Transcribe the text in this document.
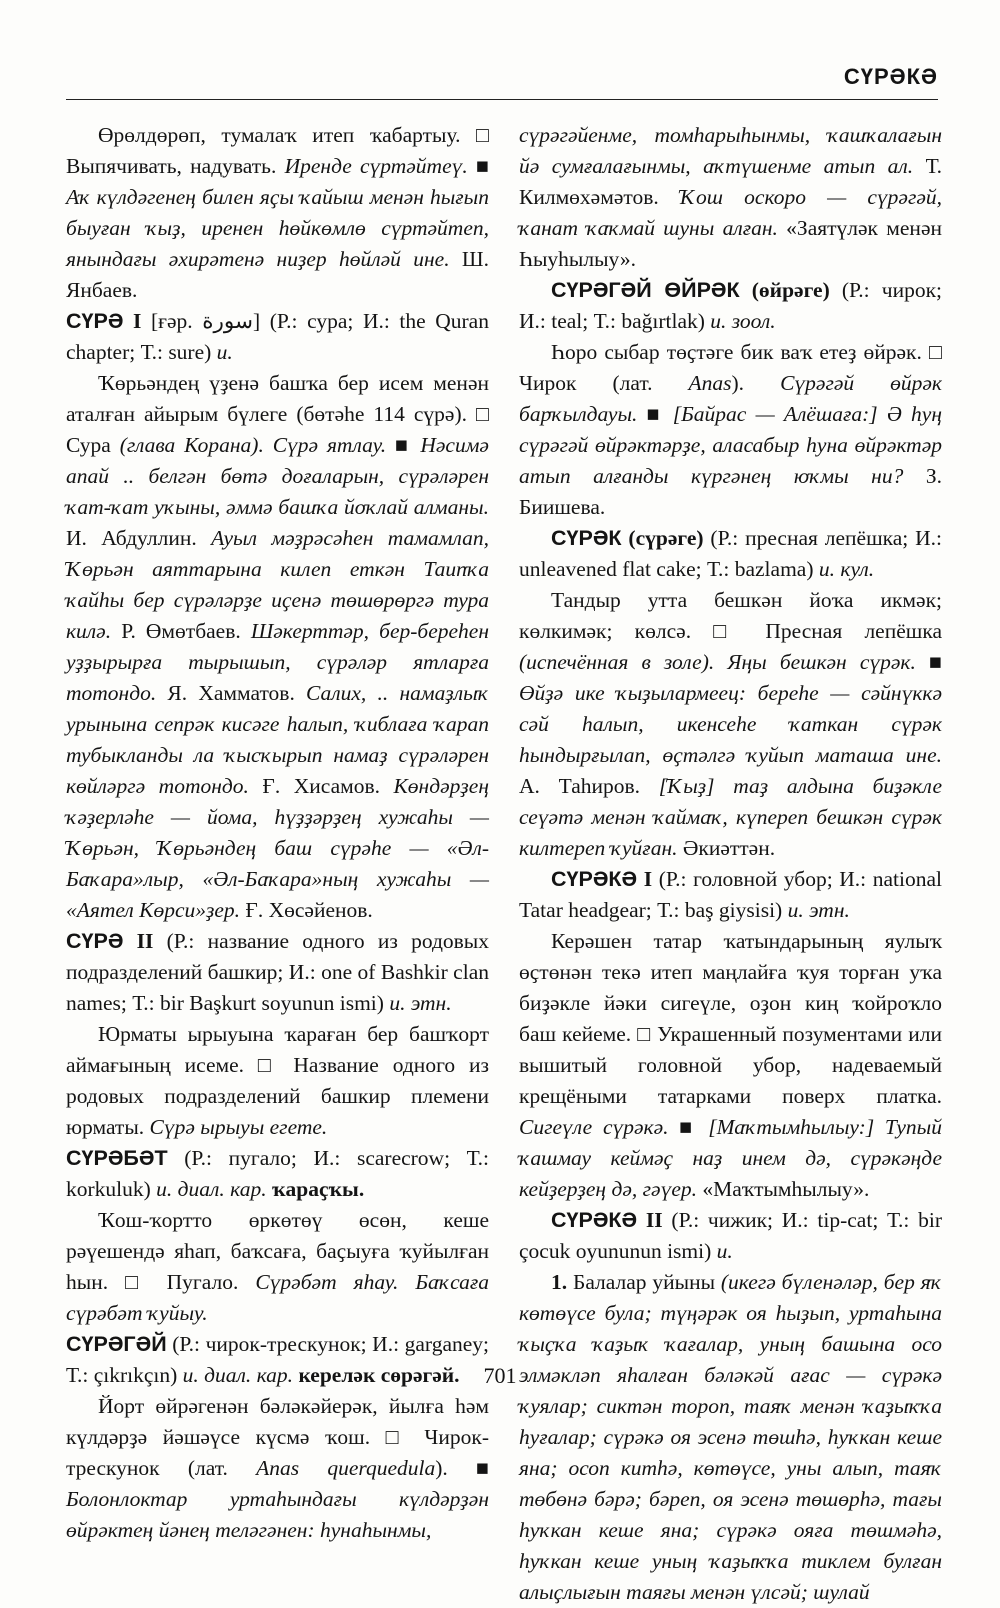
СҮРӘКӘ

Өрөлдөрөп, тумалаҡ итеп ҡабартыу. □ Выпячивать, надувать. Иренде сүртәйтеү. ■ Аҡ күлдәгенең билен яҫы ҡайыш менән һығып быуған ҡыҙ, иренен һөйкөмлө сүртәйтеп, янындағы әхирәтенә ниҙер һөйләй ине. Ш. Янбаев.

СҮРӘ I [ғәр. سورة] (Р.: сура; И.: the Quran chapter; Т.: sure) и.

Ҡөрьәндең үҙенә башҡа бер исем менән аталған айырым бүлеге (бөтәһе 114 сүрә). □ Сура (глава Корана). Сүрә ятлау. ■ Нәсимә апай .. белгән бөтә доғаларын, сүрәләрен ҡат-ҡат уҡыны, әммә башҡа йоҡлай алманы. И. Абдуллин. Ауыл мәҙрәсәһен тамамлап, Ҡөрьән аяттарына килеп еткән Таипҡа ҡайһы бер сүрәләрҙе иҫенә төшөрөргә тура килә. Р. Өмөтбаев. Шәкерттәр, бер-береһен уҙҙырырға тырышып, сүрәләр ятларға тотондо. Я. Хамматов. Салих, .. намаҙлыҡ урынына сепрәк кисәге һалып, ҡиблаға ҡарап тубыкланды ла ҡысҡырып намаҙ сүрәләрен көйләргә тотондо. Ғ. Хисамов. Көндәрҙең ҡәҙерләһе — йома, һүҙҙәрҙең хужаһы — Ҡөрьән, Ҡөрьәндең баш сүрәһе — «Әл-Баҡара»лыр, «Әл-Баҡара»ның хужаһы — «Аятел Көрси»ҙер. Ғ. Хөсәйенов.

СҮРӘ II (Р.: название одного из родовых подразделений башкир; И.: one of Bashkir clan names; Т.: bir Başkurt soyunun ismi) и. этн.

Юрматы ырыуына ҡараған бер башҡорт аймағының исеме. □ Название одного из родовых подразделений башкир племени юрматы. Сүрә ырыуы егете.

СҮРӘБӘТ (Р.: пугало; И.: scarecrow; Т.: korkuluk) и. диал. кар. ҡараҫҡы.

Ҡош-ҡортто өркөтөү өсөн, кеше рәүешендә яһап, баҡсаға, баҫыуға ҡуйылған һын. □ Пугало. Сүрәбәт яһау. Баҡсаға сүрәбәт ҡуйыу.

СҮРӘГӘЙ (Р.: чирок-трескунок; И.: garganey; Т.: çıkrıkçın) и. диал. кар. кереләк сөрәгәй.

Йорт өйрәгенән бәләкәйерәк, йылға һәм күлдәрҙә йәшәүсе күсмә ҡош. □ Чирок-трескунок (лат. Anas querquedula). ■ Болонлоктар уртаһындағы күлдәрҙән өйрәктең йәнең теләгәнен: һунаһынмы,

сүрәгәйенме, томһарыһынмы, ҡашҡалағын йә сумғалағынмы, аҡтүшенме атып ал. Т. Килмөхәмәтов. Ҡош оскоро — сүрәгәй, ҡанат ҡаҡмай шуны алған. «Заятүләк менән Һыуһылыу».

СҮРӘГӘЙ ӨЙРӘК (өйрәге) (Р.: чирок; И.: teal; Т.: bağırtlak) и. зоол.

Һоро сыбар төҫтәге бик ваҡ етеҙ өйрәк. □ Чирок (лат. Anas). Сүрәгәй өйрәк барҡылдауы. ■ [Байрас — Алёшаға:] Ә һуң сүрәгәй өйрәктәрҙе, аласабыр һуна өйрәктәр атып алғанды күргәнең юҡмы ни? З. Биишева.

СҮРӘК (сүрәге) (Р.: пресная лепёшка; И.: unleavened flat cake; Т.: bazlama) и. кул.

Тандыр утта бешкән йоҡа икмәк; көлкимәк; көлсә. □ Пресная лепёшка (испечённая в золе). Яңы бешкән сүрәк. ■ Өйҙә ике ҡыҙылармеец: береһе — сәйнүккә сәй һалып, икенсеһе ҡаткан сүрәк һындырғылап, өҫтәлгә ҡуйып маташа ине. А. Таһиров. [Ҡыҙ] таҙ алдына биҙәкле сеүәтә менән ҡаймаҡ, күпереп бешкән сүрәк килтереп ҡуйған. Әкиәттән.

СҮРӘКӘ I (Р.: головной убор; И.: national Tatar headgear; Т.: baş giysisi) и. этн.

Керәшен татар ҡатындарының яулыҡ өҫтөнән текә итеп маңлайға ҡуя торған уҡа биҙәкле йәки сигеүле, оҙон киң ҡойроҡло баш кейеме. □ Украшенный позументами или вышитый головной убор, надеваемый крещёными татарками поверх платка. Сигеүле сүрәкә. ■ [Маҡтымһылыу:] Тупый ҡашмау кеймәҫ наҙ инем дә, сүрәкәңде кейҙерҙең дә, гәүер. «Маҡтымһылыу».

СҮРӘКӘ II (Р.: чижик; И.: tip-cat; Т.: bir çocuk oyununun ismi) и.

1. Балалар уйыны (икегә бүленәләр, бер яҡ көтөүсе була; түңәрәк оя һыҙып, уртаһына ҡыҫҡа ҡаҙыҡ ҡағалар, уның башына осо элмәкләп яһалған бәләкәй ағас — сүрәкә ҡуялар; сиктән тороп, таяҡ менән ҡаҙыҡҡа һуғалар; сүрәкә оя эсенә төшһә, һуҡкан кеше яна; осоп китһә, көтөүсе, уны алып, таяҡ төбөнә бәрә; бәреп, оя эсенә төшөрһә, тағы һуҡкан кеше яна; сүрәкә ояға төшмәһә, һуҡкан кеше уның ҡаҙыҡҡа тиклем булған алыҫлығын таяғы менән үлсәй; шулай

701
